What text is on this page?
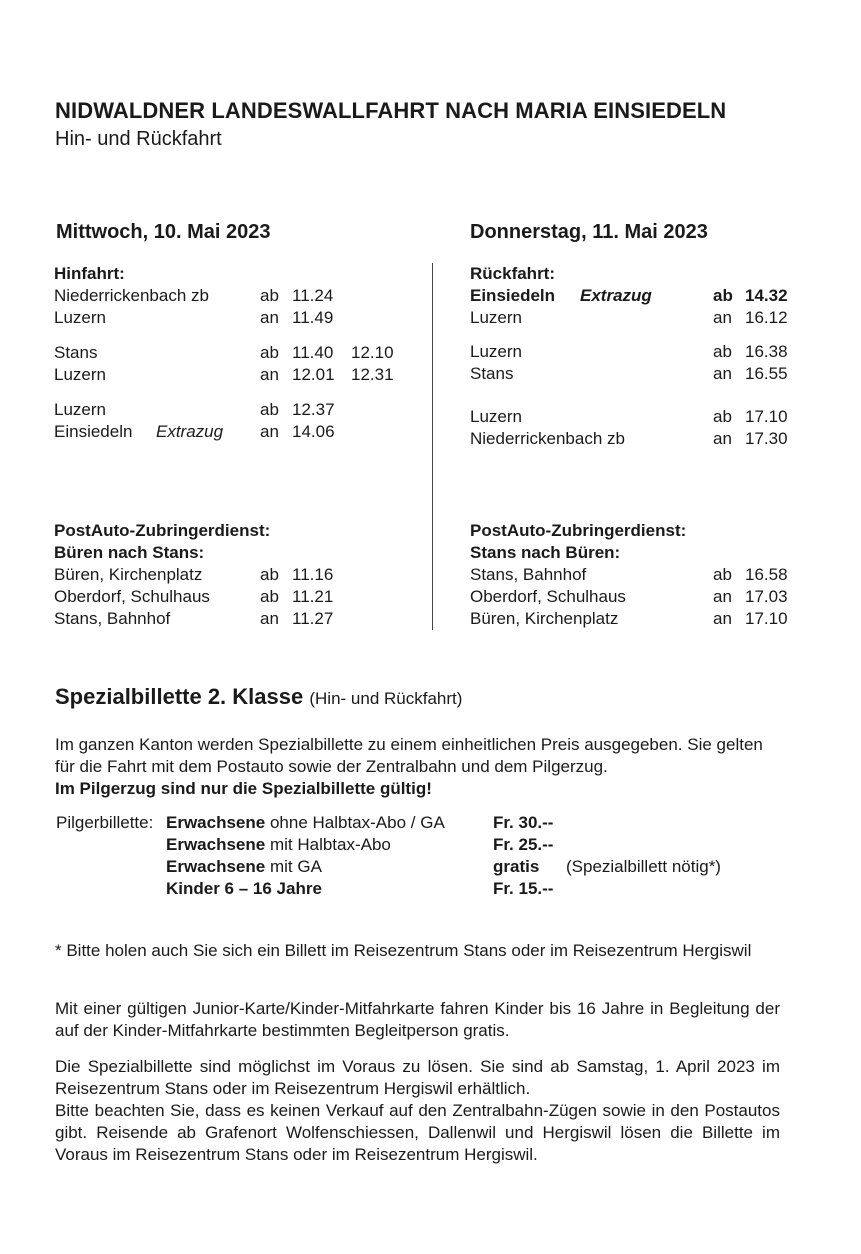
NIDWALDNER LANDESWALLFAHRT NACH MARIA EINSIEDELN
Hin- und Rückfahrt
Mittwoch, 10. Mai 2023	Donnerstag, 11. Mai 2023
Hinfahrt:
Niederrickenbach zb	ab 11.24
Luzern	an 11.49
Stans	ab 11.40 12.10
Luzern	an 12.01 12.31
Luzern	ab 12.37
Einsiedeln Extrazug an 14.06
PostAuto-Zubringerdienst:
Büren nach Stans:
Büren, Kirchenplatz	ab 11.16
Oberdorf, Schulhaus	ab 11.21
Stans, Bahnhof	an 11.27
Rückfahrt:
Einsiedeln Extrazug	ab 14.32
Luzern	an 16.12
Luzern	ab 16.38
Stans	an 16.55
Luzern	ab 17.10
Niederrickenbach zb	an 17.30
PostAuto-Zubringerdienst:
Stans nach Büren:
Stans, Bahnhof	ab 16.58
Oberdorf, Schulhaus	an 17.03
Büren, Kirchenplatz	an 17.10
Spezialbillette 2. Klasse (Hin- und Rückfahrt)
Im ganzen Kanton werden Spezialbillette zu einem einheitlichen Preis ausgegeben. Sie gelten für die Fahrt mit dem Postauto sowie der Zentralbahn und dem Pilgerzug.
Im Pilgerzug sind nur die Spezialbillette gültig!
Pilgerbillette: Erwachsene ohne Halbtax-Abo / GA	Fr. 30.--
Erwachsene mit Halbtax-Abo	Fr. 25.--
Erwachsene mit GA	gratis (Spezialbillett nötig*)
Kinder 6 – 16 Jahre	Fr. 15.--
* Bitte holen auch Sie sich ein Billett im Reisezentrum Stans oder im Reisezentrum Hergiswil
Mit einer gültigen Junior-Karte/Kinder-Mitfahrkarte fahren Kinder bis 16 Jahre in Begleitung der auf der Kinder-Mitfahrkarte bestimmten Begleitperson gratis.
Die Spezialbillette sind möglichst im Voraus zu lösen. Sie sind ab Samstag, 1. April 2023 im Reisezentrum Stans oder im Reisezentrum Hergiswil erhältlich.
Bitte beachten Sie, dass es keinen Verkauf auf den Zentralbahn-Zügen sowie in den Postautos gibt. Reisende ab Grafenort Wolfenschiessen, Dallenwil und Hergiswil lösen die Billette im Voraus im Reisezentrum Stans oder im Reisezentrum Hergiswil.
